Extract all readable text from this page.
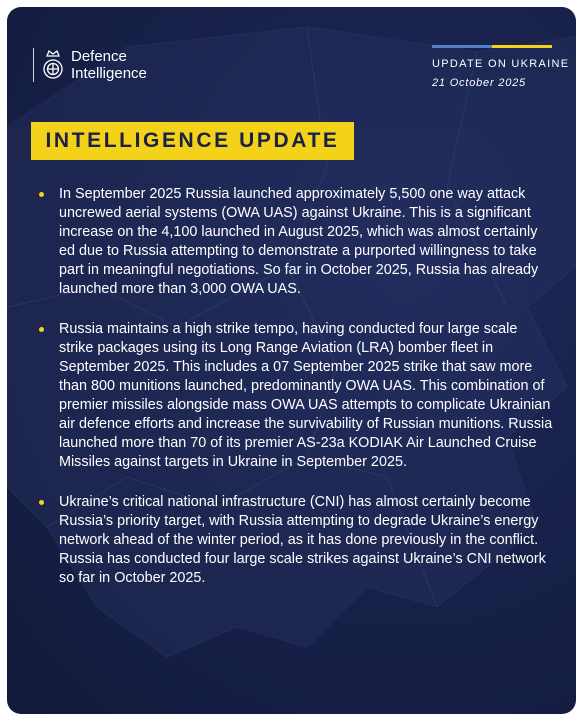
Defence
Intelligence
UPDATE ON UKRAINE
21 October 2025
INTELLIGENCE UPDATE
In September 2025 Russia launched approximately 5,500 one way attack uncrewed aerial systems (OWA UAS) against Ukraine. This is a significant increase on the 4,100 launched in August 2025, which was almost certainly ed due to Russia attempting to demonstrate a purported willingness to take part in meaningful negotiations. So far in October 2025, Russia has already launched more than 3,000 OWA UAS.
Russia maintains a high strike tempo, having conducted four large scale strike packages using its Long Range Aviation (LRA) bomber fleet in September 2025. This includes a 07 September 2025 strike that saw more than 800 munitions launched, predominantly OWA UAS. This combination of premier missiles alongside mass OWA UAS attempts to complicate Ukrainian air defence efforts and increase the survivability of Russian munitions. Russia launched more than 70 of its premier AS-23a KODIAK Air Launched Cruise Missiles against targets in Ukraine in September 2025.
Ukraine’s critical national infrastructure (CNI) has almost certainly become Russia’s priority target, with Russia attempting to degrade Ukraine’s energy network ahead of the winter period, as it has done previously in the conflict. Russia has conducted four large scale strikes against Ukraine’s CNI network so far in October 2025.
